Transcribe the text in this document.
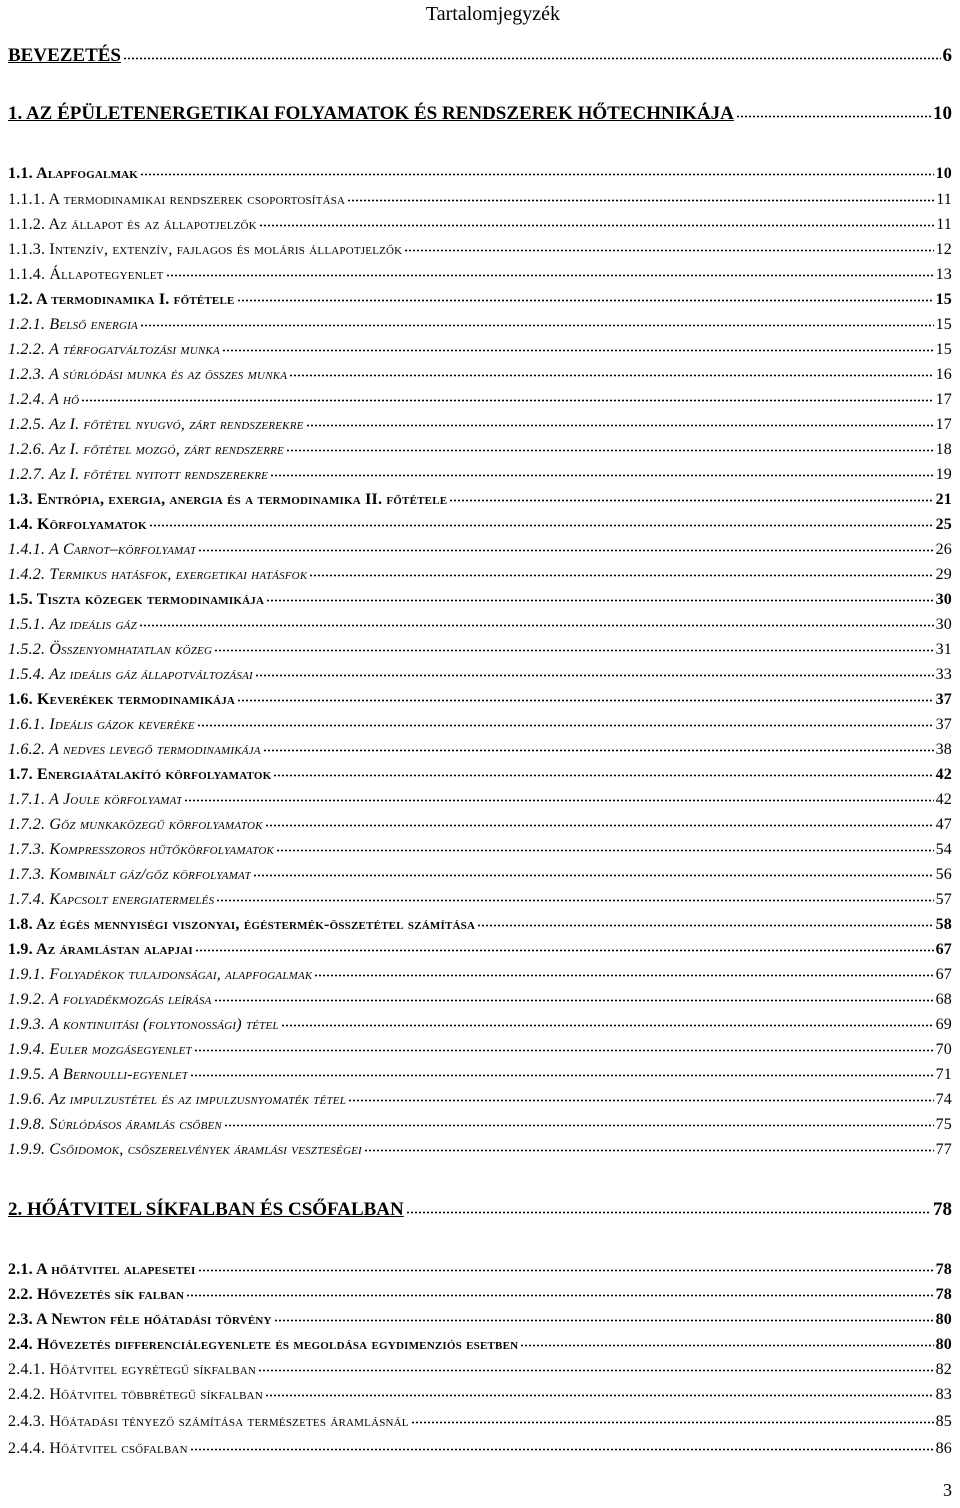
Tartalomjegyzék
BEVEZETÉS	6
1. AZ ÉPÜLETENERGETIKAI FOLYAMATOK ÉS RENDSZEREK HŐTECHNIKÁJA	10
1.1. Alapfogalmak	10
1.1.1. A termodinamikai rendszerek csoportosítása	11
1.1.2. Az állapot és az állapotjelzők	11
1.1.3. Intenzív, extenzív, fajlagos és moláris állapotjelzők	12
1.1.4. Állapotegyenlet	13
1.2. A termodinamika I. főtétele	15
1.2.1. Belső energia	15
1.2.2. A térfogatváltozási munka	15
1.2.3. A súrlódási munka és az összes munka	16
1.2.4. A hő	17
1.2.5. Az I. főtétel nyugvó, zárt rendszerekre	17
1.2.6. Az I. főtétel mozgó, zárt rendszerre	18
1.2.7. Az I. főtétel nyitott rendszerekre	19
1.3. Entrópia, exergia, anergia és a termodinamika II. főtétele	21
1.4. Körfolyamatok	25
1.4.1. A Carnot–körfolyamat	26
1.4.2. Termikus hatásfok, exergetikai hatásfok	29
1.5. Tiszta közegek termodinamikája	30
1.5.1. Az ideális gáz	30
1.5.2. Összenyomhatatlan közeg	31
1.5.4. Az ideális gáz állapotváltozásai	33
1.6. Keverékek termodinamikája	37
1.6.1. Ideális gázok keveréke	37
1.6.2. A nedves levegő termodinamikája	38
1.7. Energiaátalakító körfolyamatok	42
1.7.1. A Joule körfolyamat	42
1.7.2. Gőz munkaközegű körfolyamatok	47
1.7.3. Kompresszoros hűtőkörfolyamatok	54
1.7.3. Kombinált gáz/gőz körfolyamat	56
1.7.4. Kapcsolt energiatermelés	57
1.8. Az égés mennyiségi viszonyai, égéstermék-összetétel számítása	58
1.9. Az áramlástan alapjai	67
1.9.1. Folyadékok tulajdonságai, alapfogalmak	67
1.9.2. A folyadékmozgás leírása	68
1.9.3. A kontinuitási (folytonossági) tétel	69
1.9.4. Euler mozgásegyenlet	70
1.9.5. A Bernoulli-egyenlet	71
1.9.6. Az impulzustétel és az impulzusnyomaték tétel	74
1.9.8. Súrlódásos áramlás csőben	75
1.9.9. Csőidomok, csőszerelvények áramlási veszteségei	77
2. HŐÁTVITEL SÍKFALBAN ÉS CSŐFALBAN	78
2.1. A hőátvitel alapesetei	78
2.2. Hővezetés sík falban	78
2.3. A Newton féle hőátadási törvény	80
2.4. Hővezetés differenciálegyenlete és megoldása egydimenziós esetben	80
2.4.1. Hőátvitel egyrétegű síkfalban	82
2.4.2. Hőátvitel többrétegű síkfalban	83
2.4.3. Hőátadási tényező számítása természetes áramlásnál	85
2.4.4. Hőátvitel csőfalban	86
3
